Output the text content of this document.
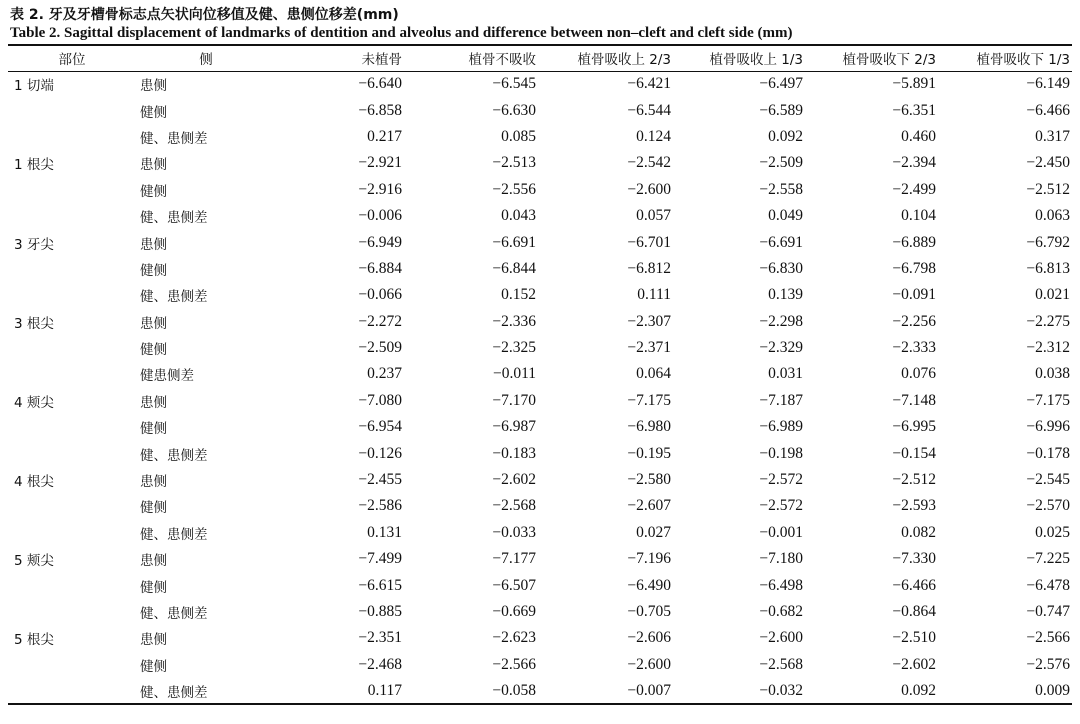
表 2. 牙及牙槽骨标志点矢状向位移值及健、患侧位移差(mm)
Table 2. Sagittal displacement of landmarks of dentition and alveolus and difference between non–cleft and cleft side (mm)
部位	侧	未植骨	植骨不吸收	植骨吸收上 2/3	植骨吸收上 1/3	植骨吸收下 2/3	植骨吸收下 1/3
1 切端	患侧	−6.640	−6.545	−6.421	−6.497	−5.891	−6.149
	健侧	−6.858	−6.630	−6.544	−6.589	−6.351	−6.466
	健、患侧差	0.217	0.085	0.124	0.092	0.460	0.317
1 根尖	患侧	−2.921	−2.513	−2.542	−2.509	−2.394	−2.450
	健侧	−2.916	−2.556	−2.600	−2.558	−2.499	−2.512
	健、患侧差	−0.006	0.043	0.057	0.049	0.104	0.063
3 牙尖	患侧	−6.949	−6.691	−6.701	−6.691	−6.889	−6.792
	健侧	−6.884	−6.844	−6.812	−6.830	−6.798	−6.813
	健、患侧差	−0.066	0.152	0.111	0.139	−0.091	0.021
3 根尖	患侧	−2.272	−2.336	−2.307	−2.298	−2.256	−2.275
	健侧	−2.509	−2.325	−2.371	−2.329	−2.333	−2.312
	健患侧差	0.237	−0.011	0.064	0.031	0.076	0.038
4 颊尖	患侧	−7.080	−7.170	−7.175	−7.187	−7.148	−7.175
	健侧	−6.954	−6.987	−6.980	−6.989	−6.995	−6.996
	健、患侧差	−0.126	−0.183	−0.195	−0.198	−0.154	−0.178
4 根尖	患侧	−2.455	−2.602	−2.580	−2.572	−2.512	−2.545
	健侧	−2.586	−2.568	−2.607	−2.572	−2.593	−2.570
	健、患侧差	0.131	−0.033	0.027	−0.001	0.082	0.025
5 颊尖	患侧	−7.499	−7.177	−7.196	−7.180	−7.330	−7.225
	健侧	−6.615	−6.507	−6.490	−6.498	−6.466	−6.478
	健、患侧差	−0.885	−0.669	−0.705	−0.682	−0.864	−0.747
5 根尖	患侧	−2.351	−2.623	−2.606	−2.600	−2.510	−2.566
	健侧	−2.468	−2.566	−2.600	−2.568	−2.602	−2.576
	健、患侧差	0.117	−0.058	−0.007	−0.032	0.092	0.009
